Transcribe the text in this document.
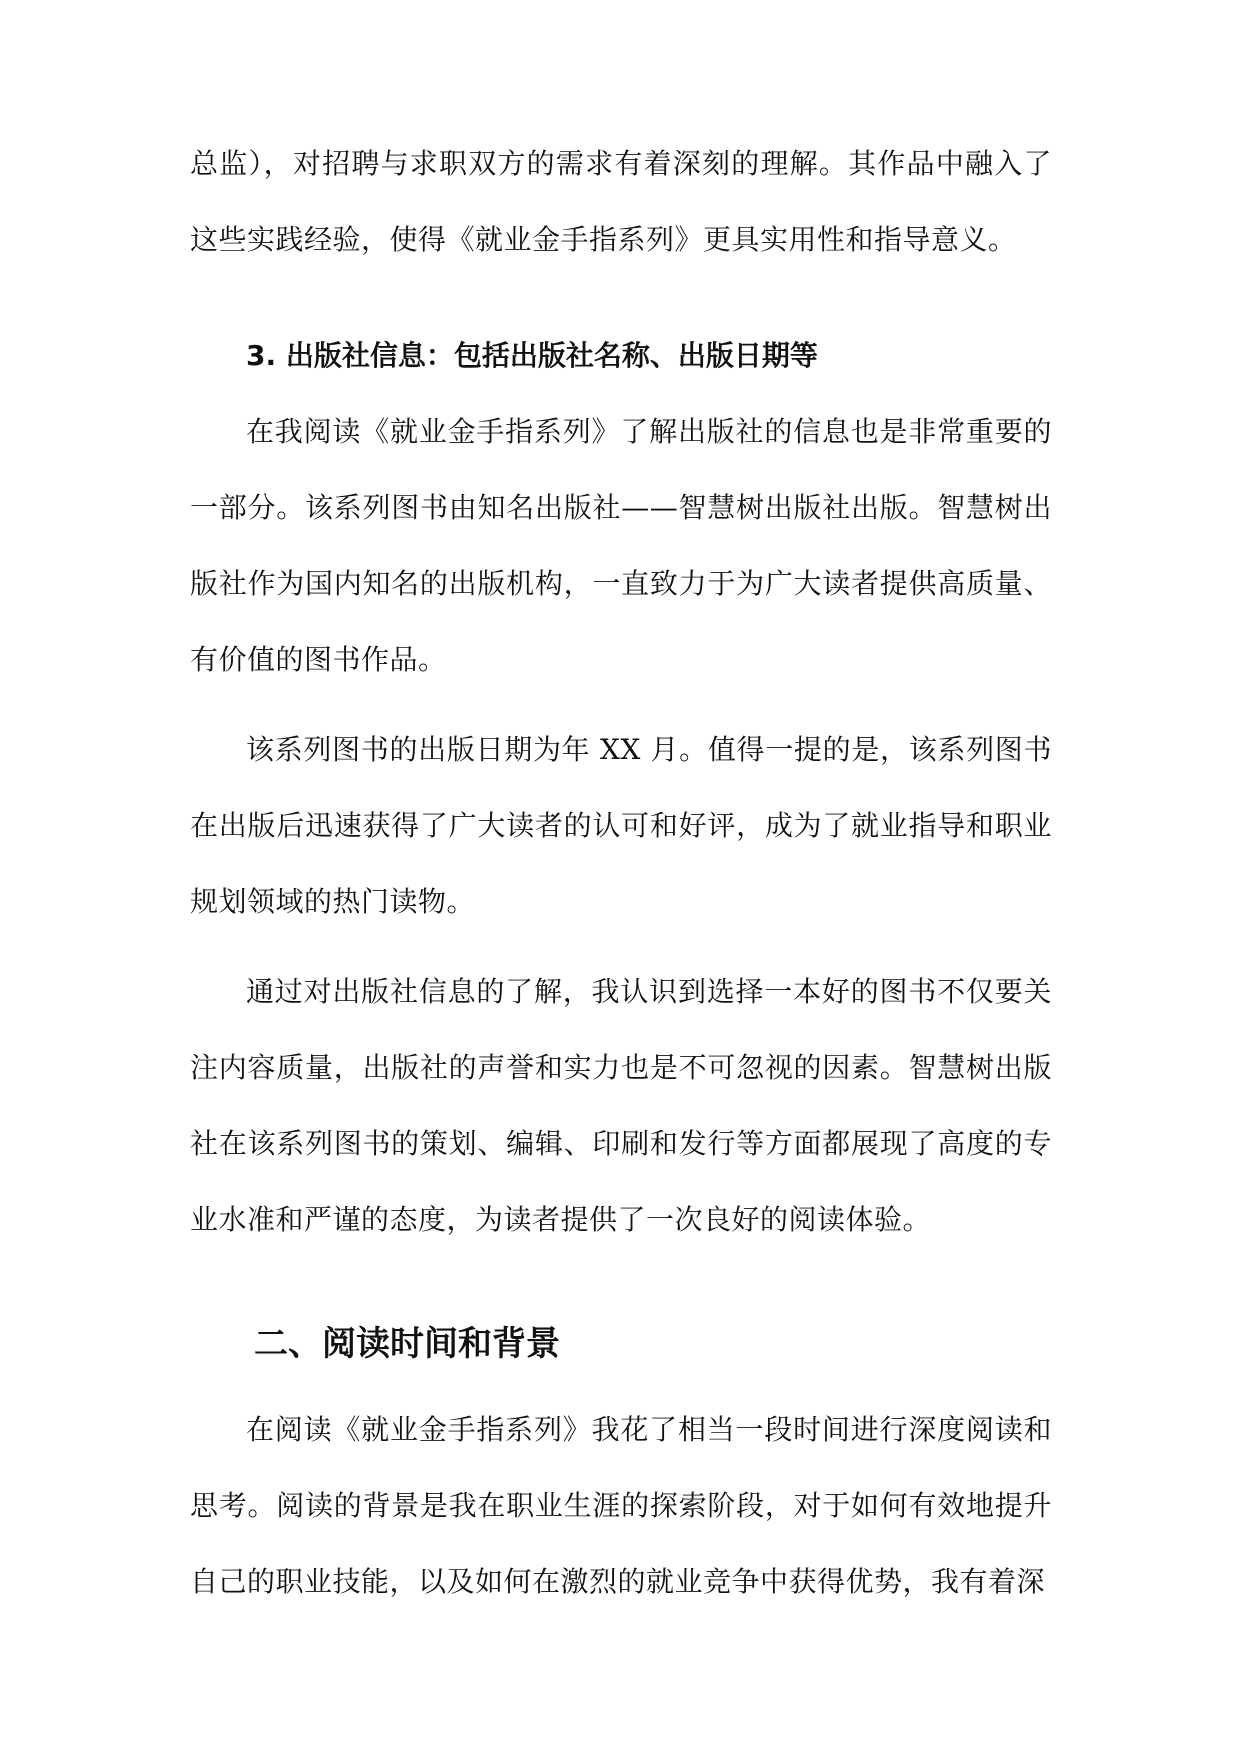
总监），对招聘与求职双方的需求有着深刻的理解。其作品中融入了这些实践经验，使得《就业金手指系列》更具实用性和指导意义。

3. 出版社信息：包括出版社名称、出版日期等

在我阅读《就业金手指系列》了解出版社的信息也是非常重要的一部分。该系列图书由知名出版社——智慧树出版社出版。智慧树出版社作为国内知名的出版机构，一直致力于为广大读者提供高质量、有价值的图书作品。

该系列图书的出版日期为年 XX 月。值得一提的是，该系列图书在出版后迅速获得了广大读者的认可和好评，成为了就业指导和职业规划领域的热门读物。

通过对出版社信息的了解，我认识到选择一本好的图书不仅要关注内容质量，出版社的声誉和实力也是不可忽视的因素。智慧树出版社在该系列图书的策划、编辑、印刷和发行等方面都展现了高度的专业水准和严谨的态度，为读者提供了一次良好的阅读体验。

二、阅读时间和背景

在阅读《就业金手指系列》我花了相当一段时间进行深度阅读和思考。阅读的背景是我在职业生涯的探索阶段，对于如何有效地提升自己的职业技能，以及如何在激烈的就业竞争中获得优势，我有着深
